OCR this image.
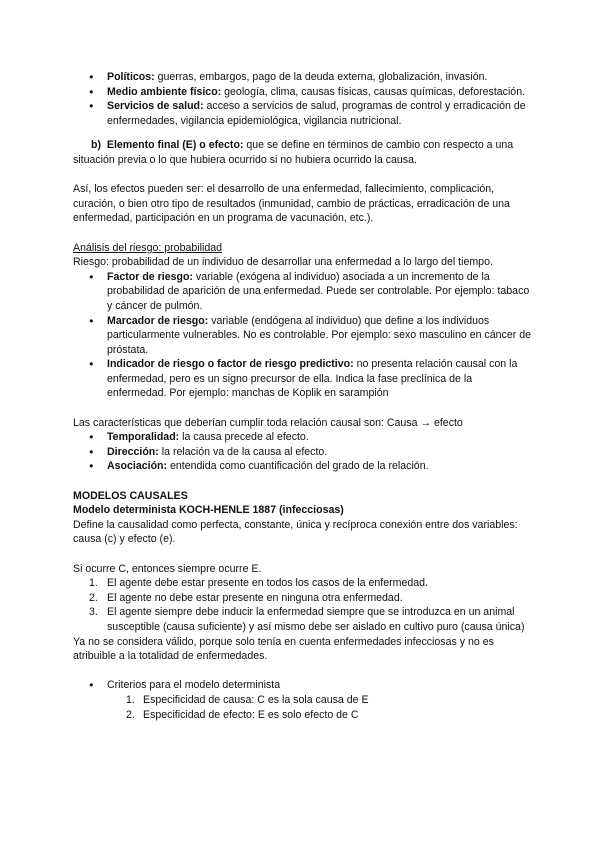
● Políticos: guerras, embargos, pago de la deuda externa, globalización, invasión.
● Medio ambiente físico: geología, clima, causas físicas, causas químicas, deforestación.
● Servicios de salud: acceso a servicios de salud, programas de control y erradicación de enfermedades, vigilancia epidemiológica, vigilancia nutricional.

b) Elemento final (E) o efecto: que se define en términos de cambio con respecto a una situación previa o lo que hubiera ocurrido si no hubiera ocurrido la causa.

Así, los efectos pueden ser: el desarrollo de una enfermedad, fallecimiento, complicación, curación, o bien otro tipo de resultados (inmunidad, cambio de prácticas, erradicación de una enfermedad, participación en un programa de vacunación, etc.).

Análisis del riesgo: probabilidad

Riesgo: probabilidad de un individuo de desarrollar una enfermedad a lo largo del tiempo.

● Factor de riesgo: variable (exógena al individuo) asociada a un incremento de la probabilidad de aparición de una enfermedad. Puede ser controlable. Por ejemplo: tabaco y cáncer de pulmón.
● Marcador de riesgo: variable (endógena al individuo) que define a los individuos particularmente vulnerables. No es controlable. Por ejemplo: sexo masculino en cáncer de próstata.
● Indicador de riesgo o factor de riesgo predictivo: no presenta relación causal con la enfermedad, pero es un signo precursor de ella. Indica la fase preclínica de la enfermedad. Por ejemplo: manchas de Koplik en sarampión

Las características que deberían cumplir toda relación causal son: Causa → efecto

● Temporalidad: la causa precede al efecto.
● Dirección: la relación va de la causa al efecto.
● Asociación: entendida como cuantificación del grado de la relación.

MODELOS CAUSALES

Modelo determinista KOCH-HENLE 1887 (infecciosas)

Define la causalidad como perfecta, constante, única y recíproca conexión entre dos variables: causa (c) y efecto (e).

Si ocurre C, entonces siempre ocurre E.

1. El agente debe estar presente en todos los casos de la enfermedad.
2. El agente no debe estar presente en ninguna otra enfermedad.
3. El agente siempre debe inducir la enfermedad siempre que se introduzca en un animal susceptible (causa suficiente) y así mismo debe ser aislado en cultivo puro (causa única)

Ya no se considera válido, porque solo tenía en cuenta enfermedades infecciosas y no es atribuible a la totalidad de enfermedades.

● Criterios para el modelo determinista
1. Especificidad de causa: C es la sola causa de E
2. Especificidad de efecto: E es solo efecto de C
